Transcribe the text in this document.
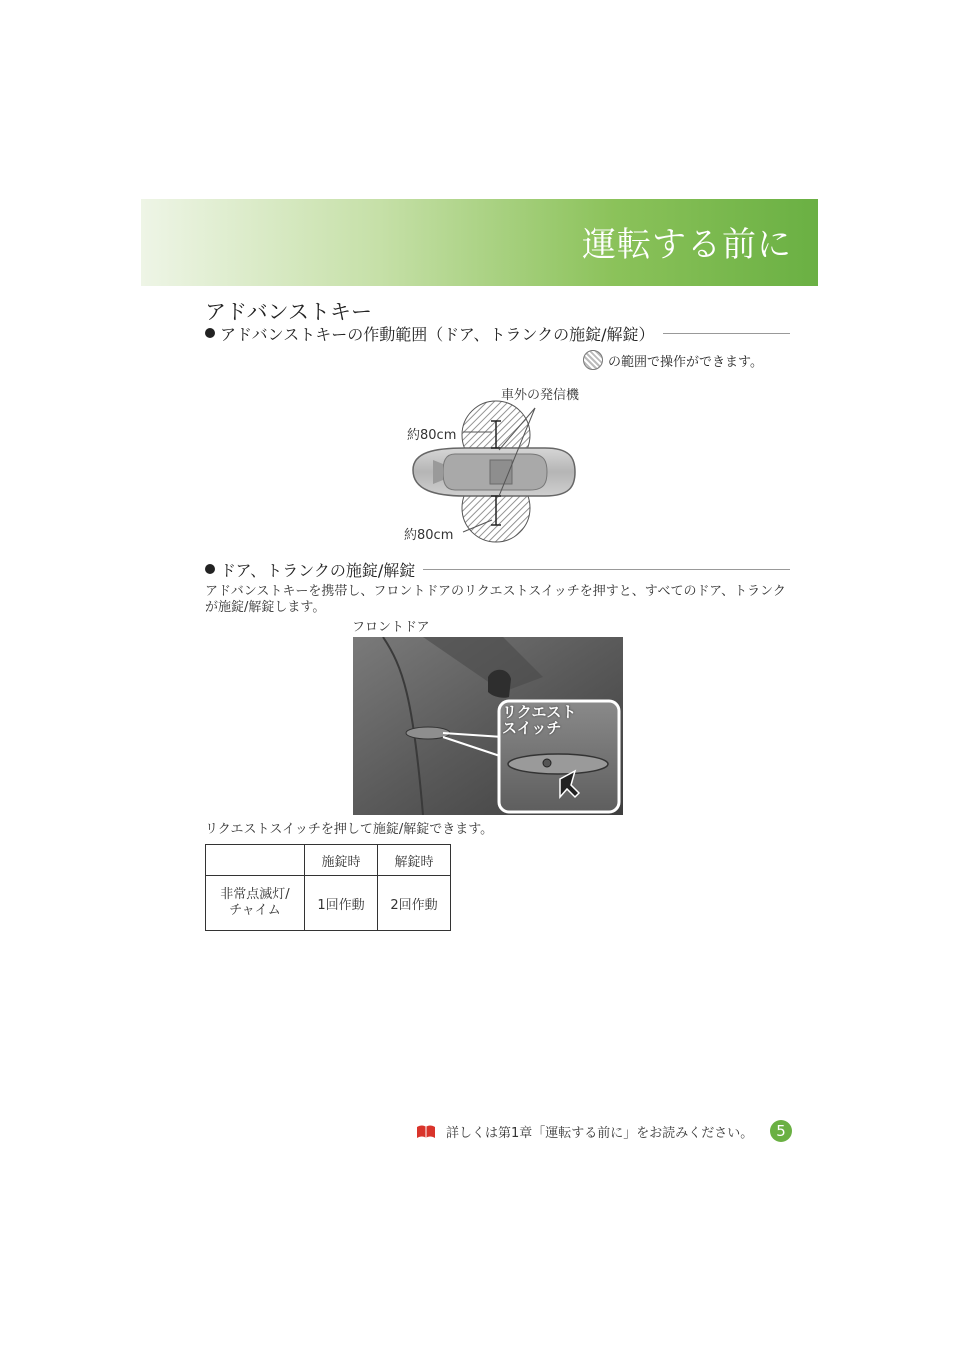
運転する前に
アドバンストキー
アドバンストキーの作動範囲（ドア、トランクの施錠/解錠）
の範囲で操作ができます。
車外の発信機
約80cm
約80cm
ドア、トランクの施錠/解錠
アドバンストキーを携帯し、フロントドアのリクエストスイッチを押すと、すべてのドア、トランクが施錠/解錠します。
フロントドア
リクエスト
スイッチ
リクエストスイッチを押して施錠/解錠できます。
	施錠時	解錠時

非常点滅灯/
チャイム	1回作動	2回作動
詳しくは第1章「運転する前に」をお読みください。	5
